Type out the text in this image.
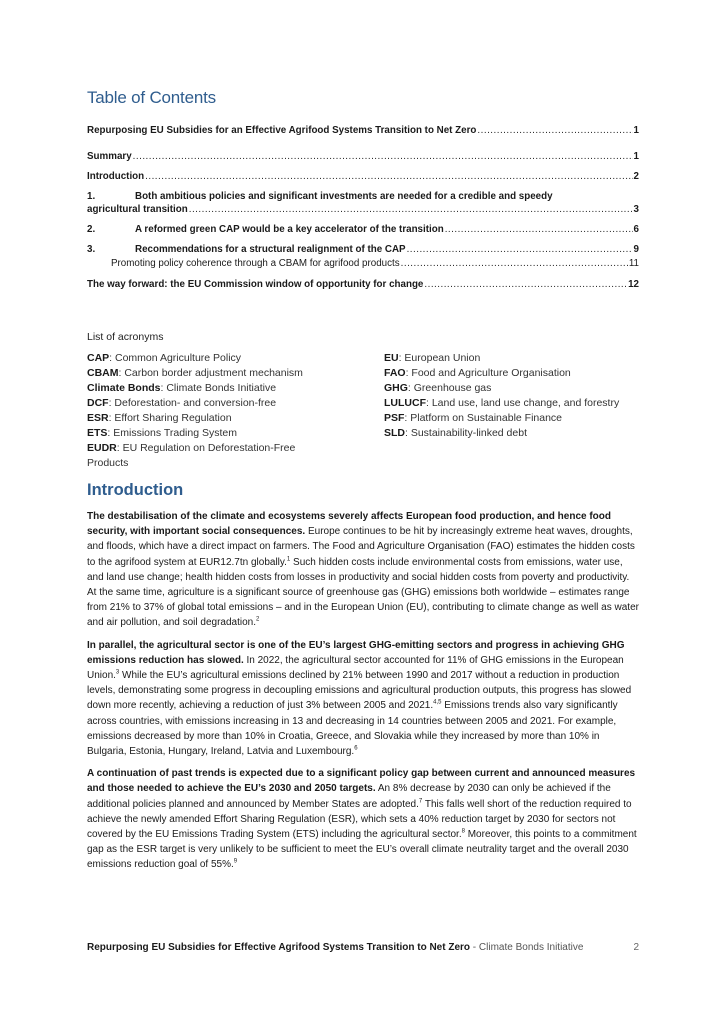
Table of Contents
Repurposing EU Subsidies for an Effective Agrifood Systems Transition to Net Zero .....	1
Summary .....	1
Introduction .....	2
1.	Both ambitious policies and significant investments are needed for a credible and speedy
agricultural transition .....	3
2.	A reformed green CAP would be a key accelerator of the transition .....	6
3.	Recommendations for a structural realignment of the CAP .....	9
Promoting policy coherence through a CBAM for agrifood products .....	11
The way forward: the EU Commission window of opportunity for change .....	12
List of acronyms

CAP: Common Agriculture Policy

CBAM: Carbon border adjustment mechanism

Climate Bonds: Climate Bonds Initiative

DCF: Deforestation- and conversion-free

ESR: Effort Sharing Regulation

ETS: Emissions Trading System

EUDR: EU Regulation on Deforestation-Free Products

EU: European Union

FAO: Food and Agriculture Organisation

GHG: Greenhouse gas

LULUCF: Land use, land use change, and forestry

PSF: Platform on Sustainable Finance

SLD: Sustainability-linked debt

Introduction

The destabilisation of the climate and ecosystems severely affects European food production, and hence food security, with important social consequences. Europe continues to be hit by increasingly extreme heat waves, droughts, and floods, which have a direct impact on farmers. The Food and Agriculture Organisation (FAO) estimates the hidden costs to the agrifood system at EUR12.7tn globally.$^1$ Such hidden costs include environmental costs from emissions, water use, and land use change; health hidden costs from losses in productivity and social hidden costs from poverty and productivity. At the same time, agriculture is a significant source of greenhouse gas (GHG) emissions both worldwide – estimates range from 21% to 37% of global total emissions – and in the European Union (EU), contributing to climate change as well as water and air pollution, and soil degradation.$^2$

In parallel, the agricultural sector is one of the EU’s largest GHG-emitting sectors and progress in achieving GHG emissions reduction has slowed. In 2022, the agricultural sector accounted for 11% of GHG emissions in the European Union.$^3$ While the EU’s agricultural emissions declined by 21% between 1990 and 2017 without a reduction in production levels, demonstrating some progress in decoupling emissions and agricultural production outputs, this progress has slowed down more recently, achieving a reduction of just 3% between 2005 and 2021.$^{4,5}$ Emissions trends also vary significantly across countries, with emissions increasing in 13 and decreasing in 14 countries between 2005 and 2021. For example, emissions decreased by more than 10% in Croatia, Greece, and Slovakia while they increased by more than 10% in Bulgaria, Estonia, Hungary, Ireland, Latvia and Luxembourg.$^6$

A continuation of past trends is expected due to a significant policy gap between current and announced measures and those needed to achieve the EU’s 2030 and 2050 targets. An 8% decrease by 2030 can only be achieved if the additional policies planned and announced by Member States are adopted.$^7$ This falls well short of the reduction required to achieve the newly amended Effort Sharing Regulation (ESR), which sets a 40% reduction target by 2030 for sectors not covered by the EU Emissions Trading System (ETS) including the agricultural sector.$^8$ Moreover, this points to a commitment gap as the ESR target is very unlikely to be sufficient to meet the EU’s overall climate neutrality target and the overall 2030 emissions reduction goal of 55%.$^9$

Repurposing EU Subsidies for Effective Agrifood Systems Transition to Net Zero - Climate Bonds Initiative	2
